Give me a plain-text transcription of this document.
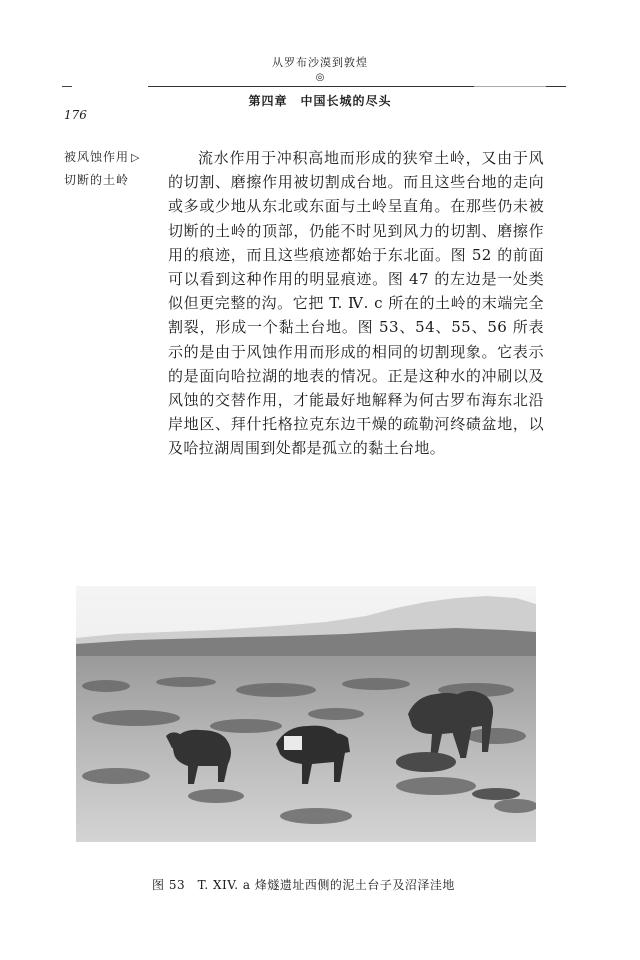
从罗布沙漠到敦煌
◎
第四章　中国长城的尽头
176
被风蚀作用 ▷
切断的土岭

流水作用于冲积高地而形成的狭窄土岭，又由于风的切割、磨擦作用被切割成台地。而且这些台地的走向或多或少地从东北或东面与土岭呈直角。在那些仍未被切断的土岭的顶部，仍能不时见到风力的切割、磨擦作用的痕迹，而且这些痕迹都始于东北面。图 52 的前面可以看到这种作用的明显痕迹。图 47 的左边是一处类似但更完整的沟。它把 T. Ⅳ. c 所在的土岭的末端完全割裂，形成一个黏土台地。图 53、54、55、56 所表示的是由于风蚀作用而形成的相同的切割现象。它表示的是面向哈拉湖的地表的情况。正是这种水的冲刷以及风蚀的交替作用，才能最好地解释为何古罗布海东北沿岸地区、拜什托格拉克东边干燥的疏勒河终碛盆地，以及哈拉湖周围到处都是孤立的黏土台地。

图 53　T. XIV. a 烽燧遗址西侧的泥土台子及沼泽洼地
